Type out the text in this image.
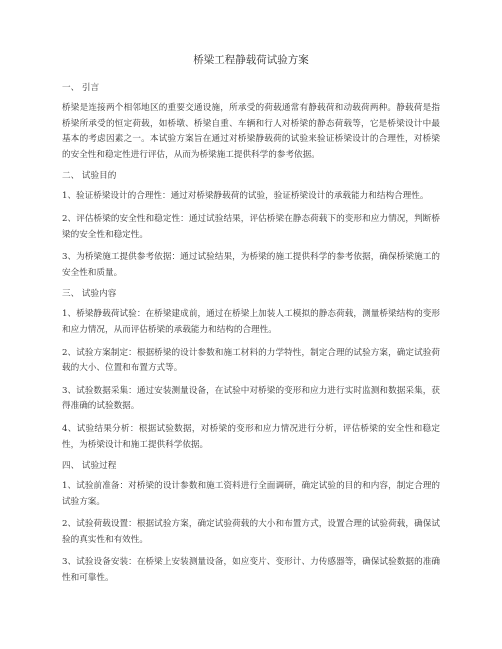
桥梁工程静载荷试验方案
一、 引言
桥梁是连接两个相邻地区的重要交通设施，所承受的荷载通常有静载荷和动载荷两种。静载荷是指桥梁所承受的恒定荷载，如桥墩、桥梁自重、车辆和行人对桥梁的静态荷载等，它是桥梁设计中最基本的考虑因素之一。本试验方案旨在通过对桥梁静载荷的试验来验证桥梁设计的合理性，对桥梁的安全性和稳定性进行评估，从而为桥梁施工提供科学的参考依据。
二、 试验目的
1、验证桥梁设计的合理性：通过对桥梁静载荷的试验，验证桥梁设计的承载能力和结构合理性。
2、评估桥梁的安全性和稳定性：通过试验结果，评估桥梁在静态荷载下的变形和应力情况，判断桥梁的安全性和稳定性。
3、为桥梁施工提供参考依据：通过试验结果，为桥梁的施工提供科学的参考依据，确保桥梁施工的安全性和质量。
三、 试验内容
1、桥梁静载荷试验：在桥梁建成前，通过在桥梁上加装人工模拟的静态荷载，测量桥梁结构的变形和应力情况，从而评估桥梁的承载能力和结构的合理性。
2、试验方案制定：根据桥梁的设计参数和施工材料的力学特性，制定合理的试验方案，确定试验荷载的大小、位置和布置方式等。
3、试验数据采集：通过安装测量设备，在试验中对桥梁的变形和应力进行实时监测和数据采集，获得准确的试验数据。
4、试验结果分析：根据试验数据，对桥梁的变形和应力情况进行分析，评估桥梁的安全性和稳定性，为桥梁设计和施工提供科学依据。
四、 试验过程
1、试验前准备：对桥梁的设计参数和施工资料进行全面调研，确定试验的目的和内容，制定合理的试验方案。
2、试验荷载设置：根据试验方案，确定试验荷载的大小和布置方式，设置合理的试验荷载，确保试验的真实性和有效性。
3、试验设备安装：在桥梁上安装测量设备，如应变片、变形计、力传感器等，确保试验数据的准确性和可靠性。
